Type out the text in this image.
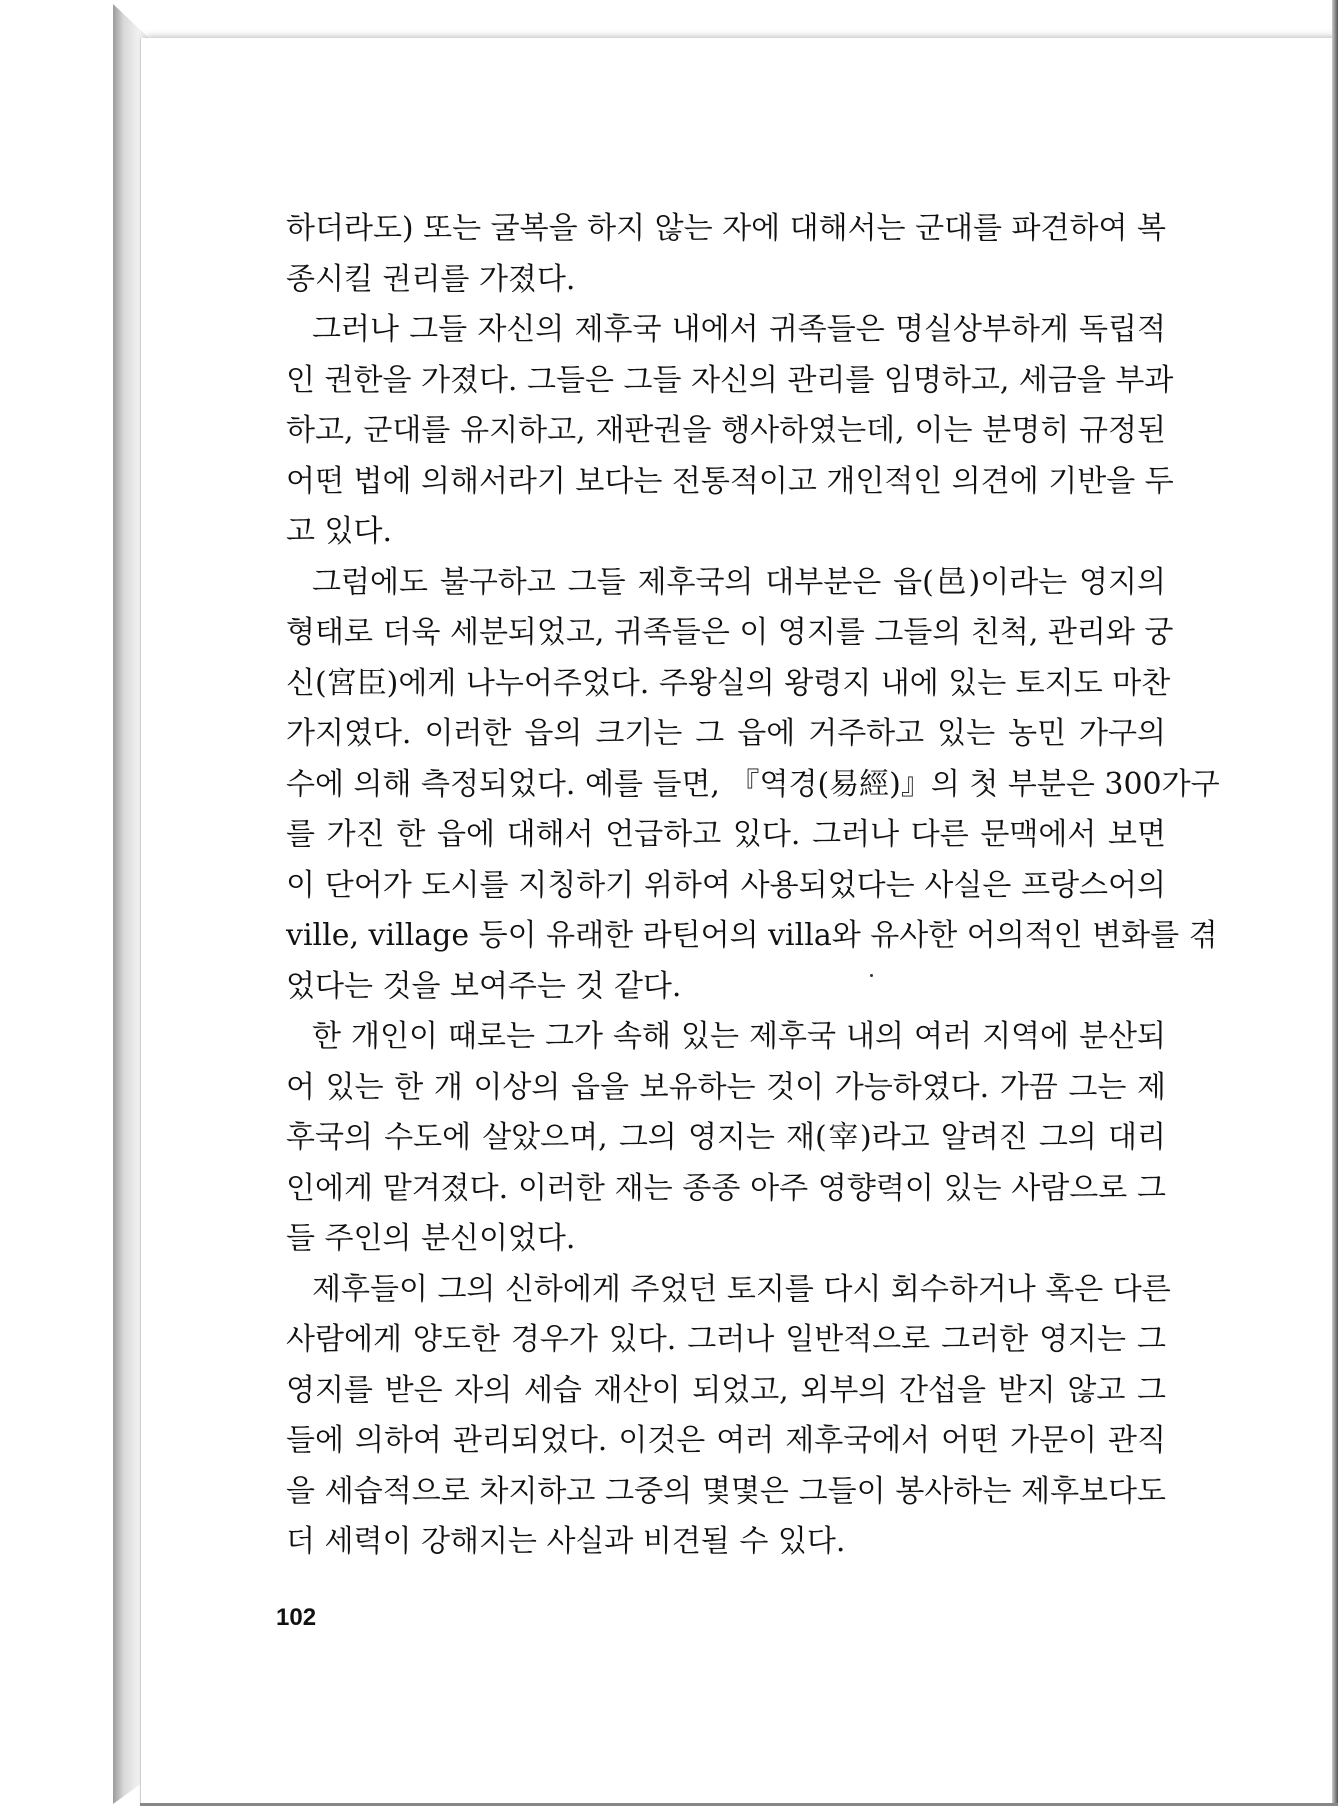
하더라도) 또는 굴복을 하지 않는 자에 대해서는 군대를 파견하여 복
종시킬 권리를 가졌다.
그러나 그들 자신의 제후국 내에서 귀족들은 명실상부하게 독립적
인 권한을 가졌다. 그들은 그들 자신의 관리를 임명하고, 세금을 부과
하고, 군대를 유지하고, 재판권을 행사하였는데, 이는 분명히 규정된
어떤 법에 의해서라기 보다는 전통적이고 개인적인 의견에 기반을 두
고 있다.
그럼에도 불구하고 그들 제후국의 대부분은 읍(邑)이라는 영지의
형태로 더욱 세분되었고, 귀족들은 이 영지를 그들의 친척, 관리와 궁
신(宮臣)에게 나누어주었다. 주왕실의 왕령지 내에 있는 토지도 마찬
가지였다. 이러한 읍의 크기는 그 읍에 거주하고 있는 농민 가구의
수에 의해 측정되었다. 예를 들면, 『역경(易經)』의 첫 부분은 300가구
를 가진 한 읍에 대해서 언급하고 있다. 그러나 다른 문맥에서 보면
이 단어가 도시를 지칭하기 위하여 사용되었다는 사실은 프랑스어의
ville, village 등이 유래한 라틴어의 villa와 유사한 어의적인 변화를 겪
었다는 것을 보여주는 것 같다.
한 개인이 때로는 그가 속해 있는 제후국 내의 여러 지역에 분산되
어 있는 한 개 이상의 읍을 보유하는 것이 가능하였다. 가끔 그는 제
후국의 수도에 살았으며, 그의 영지는 재(宰)라고 알려진 그의 대리
인에게 맡겨졌다. 이러한 재는 종종 아주 영향력이 있는 사람으로 그
들 주인의 분신이었다.
제후들이 그의 신하에게 주었던 토지를 다시 회수하거나 혹은 다른
사람에게 양도한 경우가 있다. 그러나 일반적으로 그러한 영지는 그
영지를 받은 자의 세습 재산이 되었고, 외부의 간섭을 받지 않고 그
들에 의하여 관리되었다. 이것은 여러 제후국에서 어떤 가문이 관직
을 세습적으로 차지하고 그중의 몇몇은 그들이 봉사하는 제후보다도
더 세력이 강해지는 사실과 비견될 수 있다.
102
